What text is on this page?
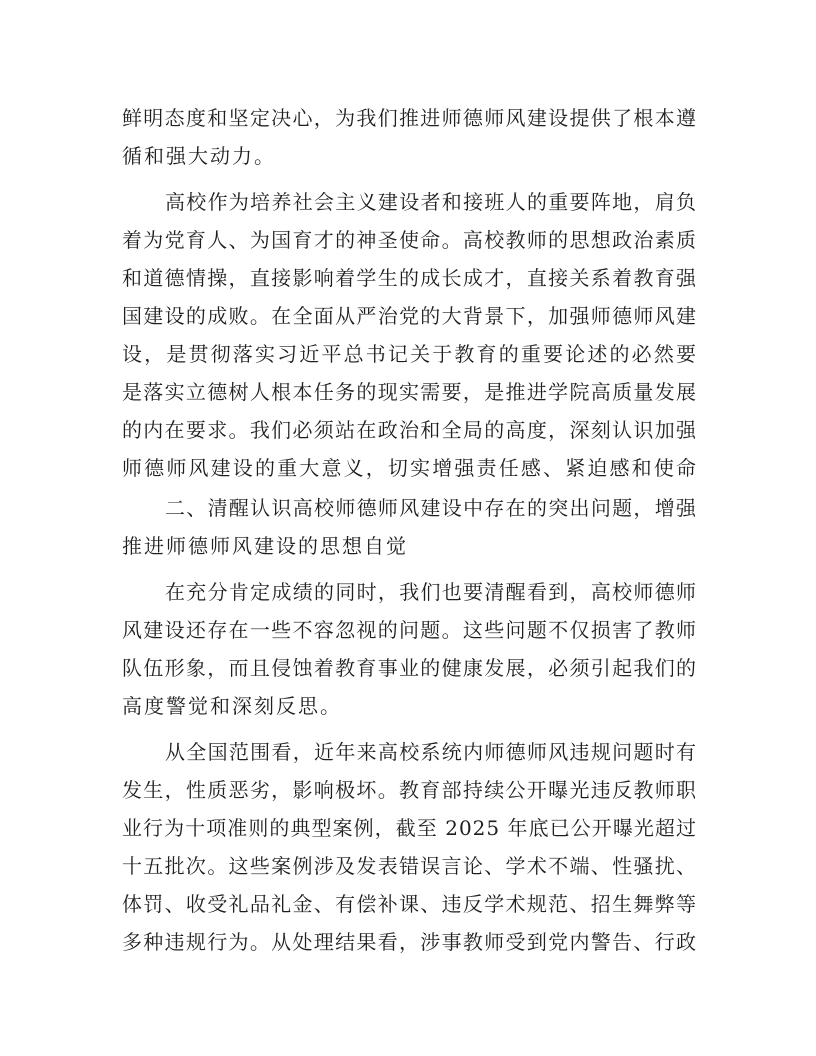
鲜明态度和坚定决心，为我们推进师德师风建设提供了根本遵
循和强大动力。
高校作为培养社会主义建设者和接班人的重要阵地，肩负
着为党育人、为国育才的神圣使命。高校教师的思想政治素质
和道德情操，直接影响着学生的成长成才，直接关系着教育强
国建设的成败。在全面从严治党的大背景下，加强师德师风建
设，是贯彻落实习近平总书记关于教育的重要论述的必然要
是落实立德树人根本任务的现实需要，是推进学院高质量发展
的内在要求。我们必须站在政治和全局的高度，深刻认识加强
师德师风建设的重大意义，切实增强责任感、紧迫感和使命
二、清醒认识高校师德师风建设中存在的突出问题，增强
推进师德师风建设的思想自觉
在充分肯定成绩的同时，我们也要清醒看到，高校师德师
风建设还存在一些不容忽视的问题。这些问题不仅损害了教师
队伍形象，而且侵蚀着教育事业的健康发展，必须引起我们的
高度警觉和深刻反思。
从全国范围看，近年来高校系统内师德师风违规问题时有
发生，性质恶劣，影响极坏。教育部持续公开曝光违反教师职
业行为十项准则的典型案例，截至 2025 年底已公开曝光超过
十五批次。这些案例涉及发表错误言论、学术不端、性骚扰、
体罚、收受礼品礼金、有偿补课、违反学术规范、招生舞弊等
多种违规行为。从处理结果看，涉事教师受到党内警告、行政
